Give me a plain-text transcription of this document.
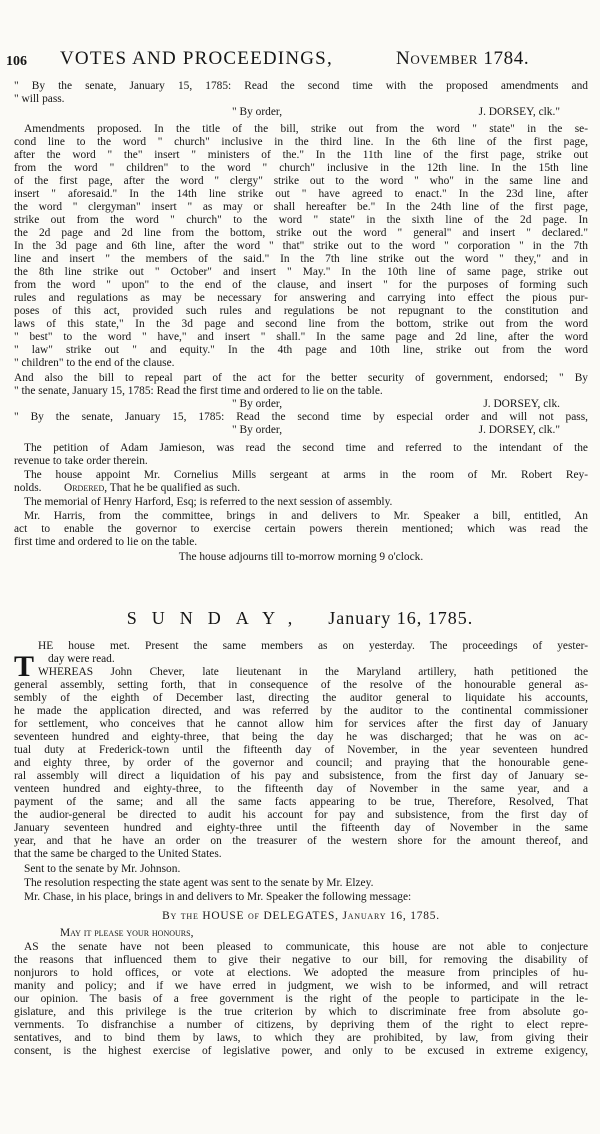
106 VOTES AND PROCEEDINGS,	November 1784.
" By the senate, January 15, 1785: Read the second time with the proposed amendments and
" will pass.
" By order,	J. DORSEY, clk."
Amendments proposed. In the title of the bill, strike out from the word " state" in the se-
cond line to the word " church" inclusive in the third line. In the 6th line of the first page,
after the word " the" insert " ministers of the." In the 11th line of the first page, strike out
from the word " children" to the word " church" inclusive in the 12th line. In the 15th line
of the first page, after the word " clergy" strike out to the word " who" in the same line and
insert " aforesaid." In the 14th line strike out " have agreed to enact." In the 23d line, after
the word " clergyman" insert " as may or shall hereafter be." In the 24th line of the first page,
strike out from the word " church" to the word " state" in the sixth line of the 2d page. In
the 2d page and 2d line from the bottom, strike out the word " general" and insert " declared."
In the 3d page and 6th line, after the word " that" strike out to the word " corporation " in the 7th
line and insert " the members of the said." In the 7th line strike out the word " they," and in
the 8th line strike out " October" and insert " May." In the 10th line of same page, strike out
from the word " upon" to the end of the clause, and insert " for the purposes of forming such
rules and regulations as may be necessary for answering and carrying into effect the pious pur-
poses of this act, provided such rules and regulations be not repugnant to the constitution and
laws of this state," In the 3d page and second line from the bottom, strike out from the word
" best" to the word " have," and insert " shall." In the same page and 2d line, after the word
" law" strike out " and equity." In the 4th page and 10th line, strike out from the word
" children" to the end of the clause.
And also the bill to repeal part of the act for the better security of government, endorsed; " By
" the senate, January 15, 1785: Read the first time and ordered to lie on the table.
" By order,	J. DORSEY, clk.
" By the senate, January 15, 1785: Read the second time by especial order and will not pass,
" By order,	J. DORSEY, clk."
The petition of Adam Jamieson, was read the second time and referred to the intendant of the
revenue to take order therein.
The house appoint Mr. Cornelius Mills sergeant at arms in the room of Mr. Robert Rey-
nolds.	Ordered, That he be qualified as such.
The memorial of Henry Harford, Esq; is referred to the next session of assembly.
Mr. Harris, from the committee, brings in and delivers to Mr. Speaker a bill, entitled, An
act to enable the governor to exercise certain powers therein mentioned; which was read the
first time and ordered to lie on the table.
The house adjourns till to-morrow morning 9 o'clock.
SUNDAY, January 16, 1785.
T
HE house met. Present the same members as on yesterday. The proceedings of yester-
day were read.
WHEREAS John Chever, late lieutenant in the Maryland artillery, hath petitioned the
general assembly, setting forth, that in consequence of the resolve of the honourable general as-
sembly of the eighth of December last, directing the auditor general to liquidate his accounts,
he made the application directed, and was referred by the auditor to the continental commissioner
for settlement, who conceives that he cannot allow him for services after the first day of January
seventeen hundred and eighty-three, that being the day he was discharged; that he was on ac-
tual duty at Frederick-town until the fifteenth day of November, in the year seventeen hundred
and eighty three, by order of the governor and council; and praying that the honourable gene-
ral assembly will direct a liquidation of his pay and subsistence, from the first day of January se-
venteen hundred and eighty-three, to the fifteenth day of November in the same year, and a
payment of the same; and all the same facts appearing to be true, Therefore, Resolved, That
the audior-general be directed to audit his account for pay and subsistence, from the first day of
January seventeen hundred and eighty-three until the fifteenth day of November in the same
year, and that he have an order on the treasurer of the western shore for the amount thereof, and
that the same be charged to the United States.
Sent to the senate by Mr. Johnson.
The resolution respecting the state agent was sent to the senate by Mr. Elzey.
Mr. Chase, in his place, brings in and delivers to Mr. Speaker the following message:
By the HOUSE of DELEGATES, January 16, 1785.
May it please your honours,
AS the senate have not been pleased to communicate, this house are not able to conjecture
the reasons that influenced them to give their negative to our bill, for removing the disability of
nonjurors to hold offices, or vote at elections. We adopted the measure from principles of hu-
manity and policy; and if we have erred in judgment, we wish to be informed, and will retract
our opinion. The basis of a free government is the right of the people to participate in the le-
gislature, and this privilege is the true criterion by which to discriminate free from absolute go-
vernments. To disfranchise a number of citizens, by depriving them of the right to elect repre-
sentatives, and to bind them by laws, to which they are prohibited, by law, from giving their
consent, is the highest exercise of legislative power, and only to be excused in extreme exigency,
